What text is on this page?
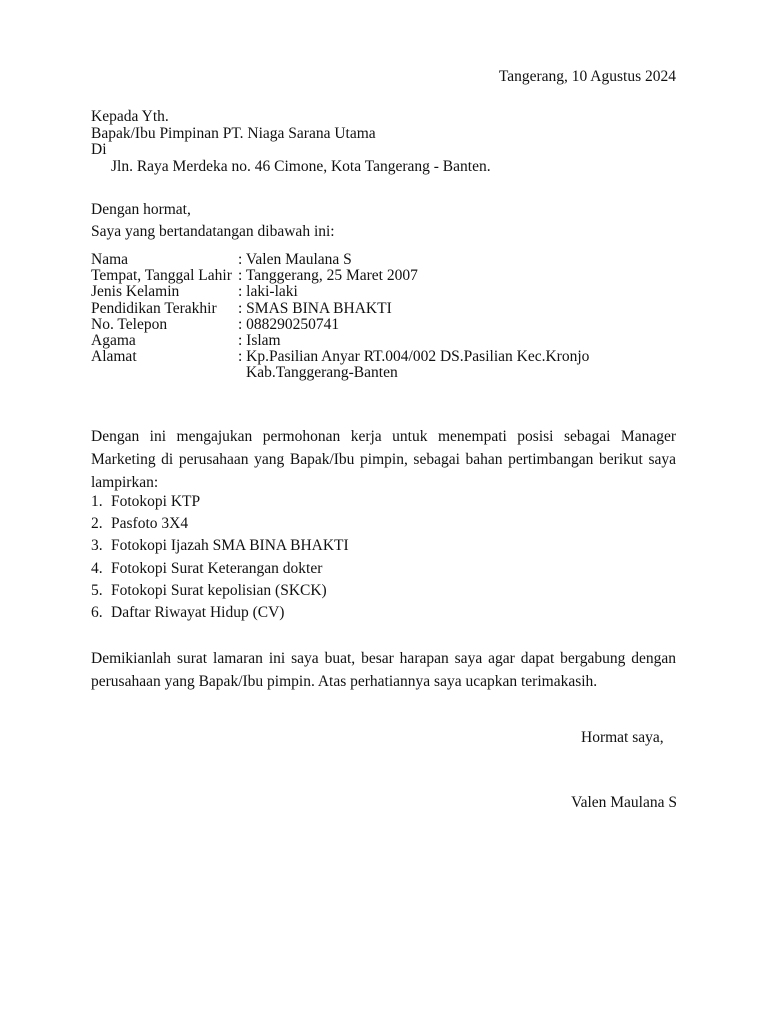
Tangerang, 10 Agustus 2024
Kepada Yth.
Bapak/Ibu Pimpinan PT. Niaga Sarana Utama
Di
Jln. Raya Merdeka no. 46 Cimone, Kota Tangerang - Banten.
Dengan hormat,
Saya yang bertandatangan dibawah ini:
Nama	: Valen Maulana S
Tempat, Tanggal Lahir : Tanggerang, 25 Maret 2007
Jenis Kelamin	: laki-laki
Pendidikan Terakhir	: SMAS BINA BHAKTI
No. Telepon	: 088290250741
Agama	: Islam
Alamat	: Kp.Pasilian Anyar RT.004/002 DS.Pasilian Kec.Kronjo
Kab.Tanggerang-Banten
Dengan ini mengajukan permohonan kerja untuk menempati posisi sebagai Manager Marketing di perusahaan yang Bapak/Ibu pimpin, sebagai bahan pertimbangan berikut saya lampirkan:
1. Fotokopi KTP
2. Pasfoto 3X4
3. Fotokopi Ijazah SMA BINA BHAKTI
4. Fotokopi Surat Keterangan dokter
5. Fotokopi Surat kepolisian (SKCK)
6. Daftar Riwayat Hidup (CV)
Demikianlah surat lamaran ini saya buat, besar harapan saya agar dapat bergabung dengan perusahaan yang Bapak/Ibu pimpin. Atas perhatiannya saya ucapkan terimakasih.
Hormat saya,
Valen Maulana S
